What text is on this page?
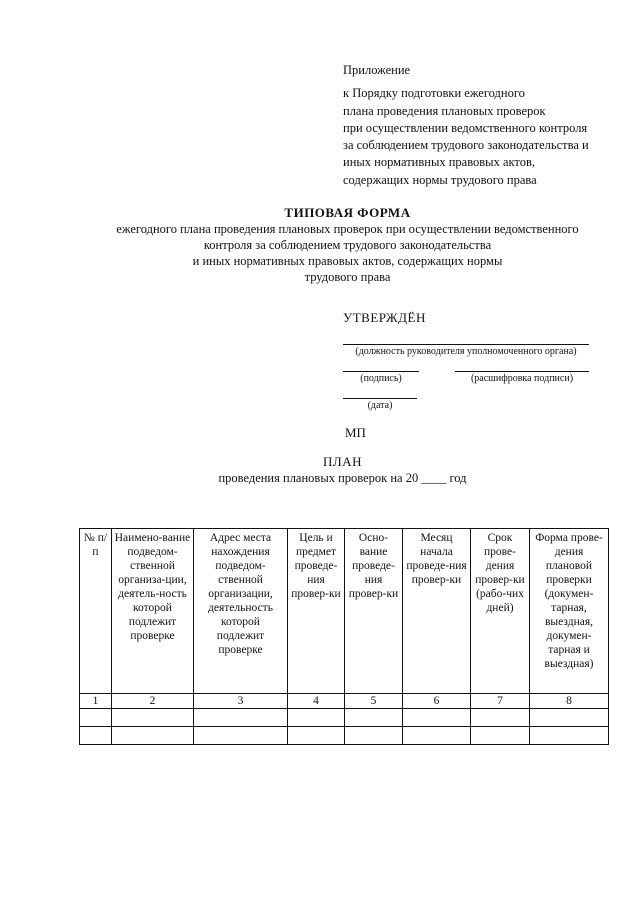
Приложение
к Порядку подготовки ежегодного
плана проведения плановых проверок
при осуществлении ведомственного контроля
за соблюдением трудового законодательства и
иных нормативных правовых актов,
содержащих нормы трудового права
ТИПОВАЯ ФОРМА
ежегодного плана проведения плановых проверок при осуществлении ведомственного
контроля за соблюдением трудового законодательства
и иных нормативных правовых актов, содержащих нормы
трудового права
УТВЕРЖДЁН
(должность руководителя уполномоченного органа)
(подпись)	(расшифровка подписи)
(дата)
МП
ПЛАН
проведения плановых проверок на 20 ____ год
№ п/п	Наимено-вание подведом-ственной организа-ции, деятель-ность которой подлежит проверке	Адрес места нахождения подведом-ственной организации, деятельность которой подлежит проверке	Цель и предмет проведе-ния провер-ки	Осно-вание проведе-ния провер-ки	Месяц начала проведе-ния провер-ки	Срок прове-дения провер-ки (рабо-чих дней)	Форма прове-дения плановой проверки (докумен-тарная, выездная, докумен-тарная и выездная)
1	2	3	4	5	6	7	8
